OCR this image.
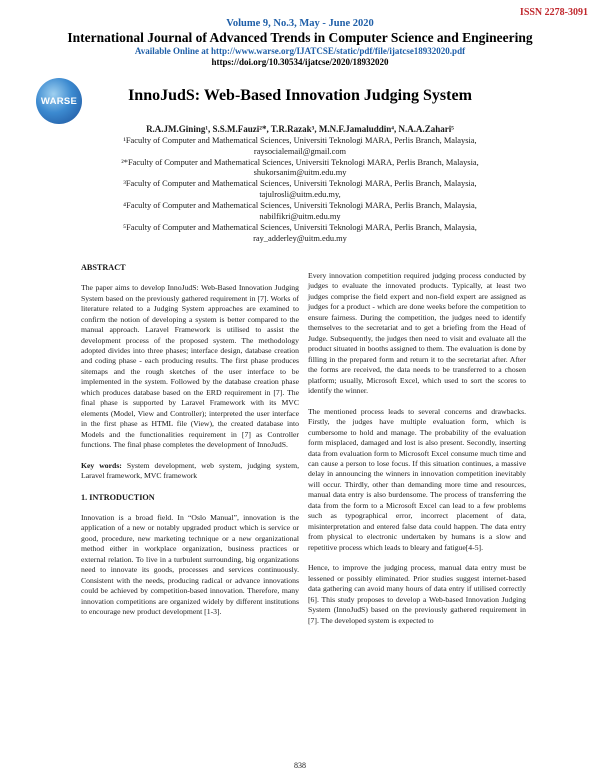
ISSN 2278-3091
Volume 9, No.3, May - June 2020
International Journal of Advanced Trends in Computer Science and Engineering
Available Online at http://www.warse.org/IJATCSE/static/pdf/file/ijatcse18932020.pdf
https://doi.org/10.30534/ijatcse/2020/18932020
WARSE	InnoJudS: Web-Based Innovation Judging System
R.A.JM.Gining¹, S.S.M.Fauzi²*, T.R.Razak³, M.N.F.Jamaluddin⁴, N.A.A.Zahari⁵
¹Faculty of Computer and Mathematical Sciences, Universiti Teknologi MARA, Perlis Branch, Malaysia,
raysocialemail@gmail.com
²*Faculty of Computer and Mathematical Sciences, Universiti Teknologi MARA, Perlis Branch, Malaysia,
shukorsanim@uitm.edu.my
³Faculty of Computer and Mathematical Sciences, Universiti Teknologi MARA, Perlis Branch, Malaysia,
tajulrosli@uitm.edu.my,
⁴Faculty of Computer and Mathematical Sciences, Universiti Teknologi MARA, Perlis Branch, Malaysia,
nabilfikri@uitm.edu.my
⁵Faculty of Computer and Mathematical Sciences, Universiti Teknologi MARA, Perlis Branch, Malaysia,
ray_adderley@uitm.edu.my
ABSTRACT

The paper aims to develop InnoJudS: Web-Based Innovation Judging System based on the previously gathered requirement in [7]. Works of literature related to a Judging System approaches are examined to confirm the notion of developing a system is better compared to the manual approach. Laravel Framework is utilised to assist the development process of the proposed system. The methodology adopted divides into three phases; interface design, database creation and coding phase - each producing results. The first phase produces sitemaps and the rough sketches of the user interface to be implemented in the system. Followed by the database creation phase which produces database based on the ERD requirement in [7]. The final phase is supported by Laravel Framework with its MVC elements (Model, View and Controller); interpreted the user interface in the first phase as HTML file (View), the created database into Models and the functionalities requirement in [7] as Controller functions. The final phase completes the development of InnoJudS.

Key words: System development, web system, judging system, Laravel framework, MVC framework
1. INTRODUCTION

Innovation is a broad field. In “Oslo Manual”, innovation is the application of a new or notably upgraded product which is service or good, procedure, new marketing technique or a new organizational method either in workplace organization, business practices or external relation. To live in a turbulent surrounding, big organizations need to innovate its goods, processes and services continuously. Consistent with the needs, producing radical or advance innovations could be achieved by competition-based innovation. Therefore, many innovation competitions are organized widely by different institutions to encourage new product development [1-3].

Every innovation competition required judging process conducted by judges to evaluate the innovated products. Typically, at least two judges comprise the field expert and non-field expert are assigned as judges for a product - which are done weeks before the competition to ensure fairness. During the competition, the judges need to identify themselves to the secretariat and to get a briefing from the Head of Judge. Subsequently, the judges then need to visit and evaluate all the product situated in booths assigned to them. The evaluation is done by filling in the prepared form and return it to the secretariat after. After the forms are received, the data needs to be transferred to a chosen platform; usually, Microsoft Excel, which used to sort the scores to identify the winner.

The mentioned process leads to several concerns and drawbacks. Firstly, the judges have multiple evaluation form, which is cumbersome to hold and manage. The probability of the evaluation form misplaced, damaged and lost is also present. Secondly, inserting data from evaluation form to Microsoft Excel consume much time and can cause a person to lose focus. If this situation continues, a massive delay in announcing the winners in innovation competition inevitably will occur. Thirdly, other than demanding more time and resources, manual data entry is also burdensome. The process of transferring the data from the form to a Microsoft Excel can lead to a few problems such as typographical error, incorrect placement of data, misinterpretation and entered false data could happen. The data entry from physical to electronic undertaken by humans is a slow and repetitive process which leads to bleary and fatigue[4-5].

Hence, to improve the judging process, manual data entry must be lessened or possibly eliminated. Prior studies suggest internet-based data gathering can avoid many hours of data entry if utilised correctly [6]. This study proposes to develop a Web-based Innovation Judging System (InnoJudS) based on the previously gathered requirement in [7]. The developed system is expected to

838
